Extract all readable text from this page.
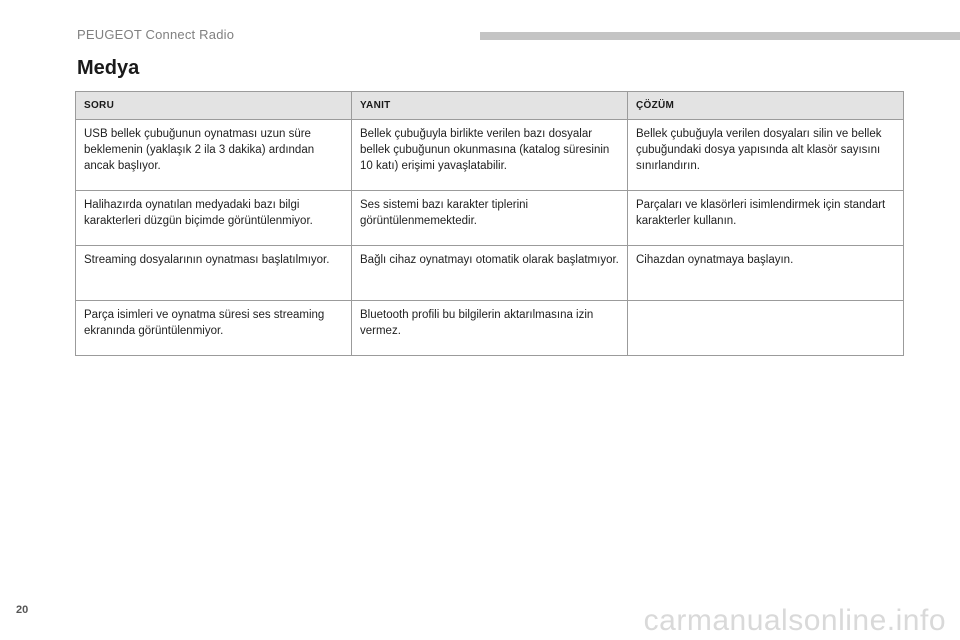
PEUGEOT Connect Radio
Medya
SORU	YANIT	ÇÖZÜM
USB bellek çubuğunun oynatması uzun süre beklemenin (yaklaşık 2 ila 3 dakika) ardından ancak başlıyor.	Bellek çubuğuyla birlikte verilen bazı dosyalar bellek çubuğunun okunmasına (katalog süresinin 10 katı) erişimi yavaşlatabilir.	Bellek çubuğuyla verilen dosyaları silin ve bellek çubuğundaki dosya yapısında alt klasör sayısını sınırlandırın.
Halihazırda oynatılan medyadaki bazı bilgi karakterleri düzgün biçimde görüntülenmiyor.	Ses sistemi bazı karakter tiplerini görüntülenmemektedir.	Parçaları ve klasörleri isimlendirmek için standart karakterler kullanın.
Streaming dosyalarının oynatması başlatılmıyor.	Bağlı cihaz oynatmayı otomatik olarak başlatmıyor.	Cihazdan oynatmaya başlayın.
Parça isimleri ve oynatma süresi ses streaming ekranında görüntülenmiyor.	Bluetooth profili bu bilgilerin aktarılmasına izin vermez.	
20	carmanualsonline.info
